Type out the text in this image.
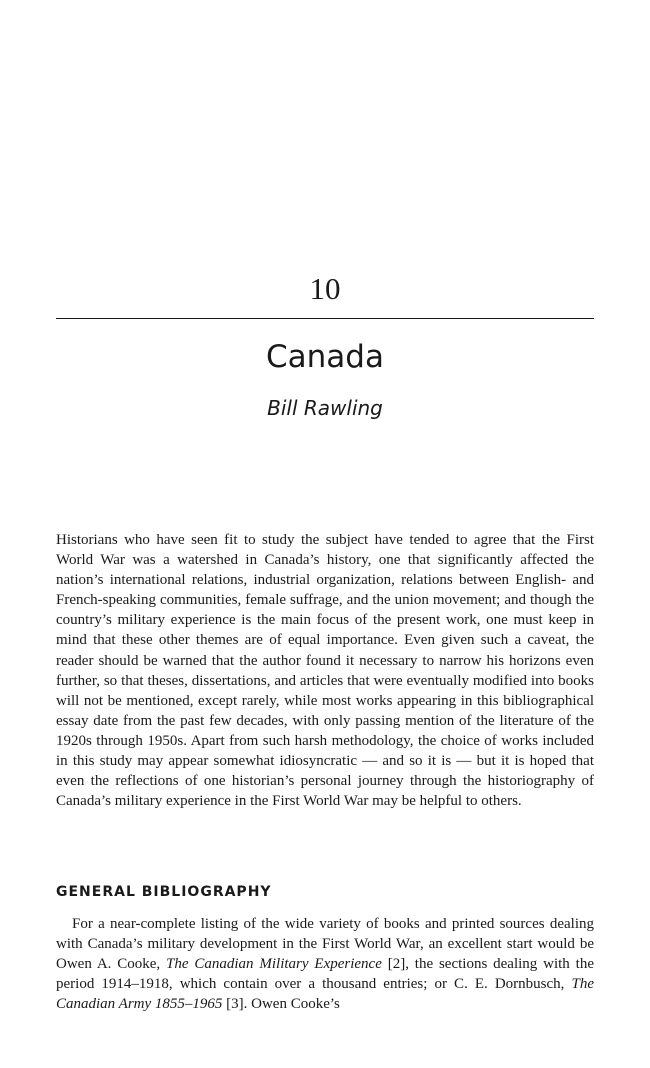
10
Canada
Bill Rawling

Historians who have seen fit to study the subject have tended to agree that the First World War was a watershed in Canada’s history, one that significantly affected the nation’s international relations, industrial organization, relations between English- and French-speaking communities, female suffrage, and the union movement; and though the country’s military experience is the main focus of the present work, one must keep in mind that these other themes are of equal importance. Even given such a caveat, the reader should be warned that the author found it necessary to narrow his horizons even further, so that theses, dissertations, and articles that were eventually modified into books will not be mentioned, except rarely, while most works appearing in this bibliographical essay date from the past few decades, with only passing mention of the literature of the 1920s through 1950s. Apart from such harsh methodology, the choice of works included in this study may appear somewhat idiosyncratic — and so it is — but it is hoped that even the reflections of one historian’s personal journey through the historiography of Canada’s military experience in the First World War may be helpful to others.

GENERAL BIBLIOGRAPHY

For a near-complete listing of the wide variety of books and printed sources dealing with Canada’s military development in the First World War, an excellent start would be Owen A. Cooke, The Canadian Military Experience [2], the sections dealing with the period 1914–1918, which contain over a thousand entries; or C. E. Dornbusch, The Canadian Army 1855–1965 [3]. Owen Cooke’s
